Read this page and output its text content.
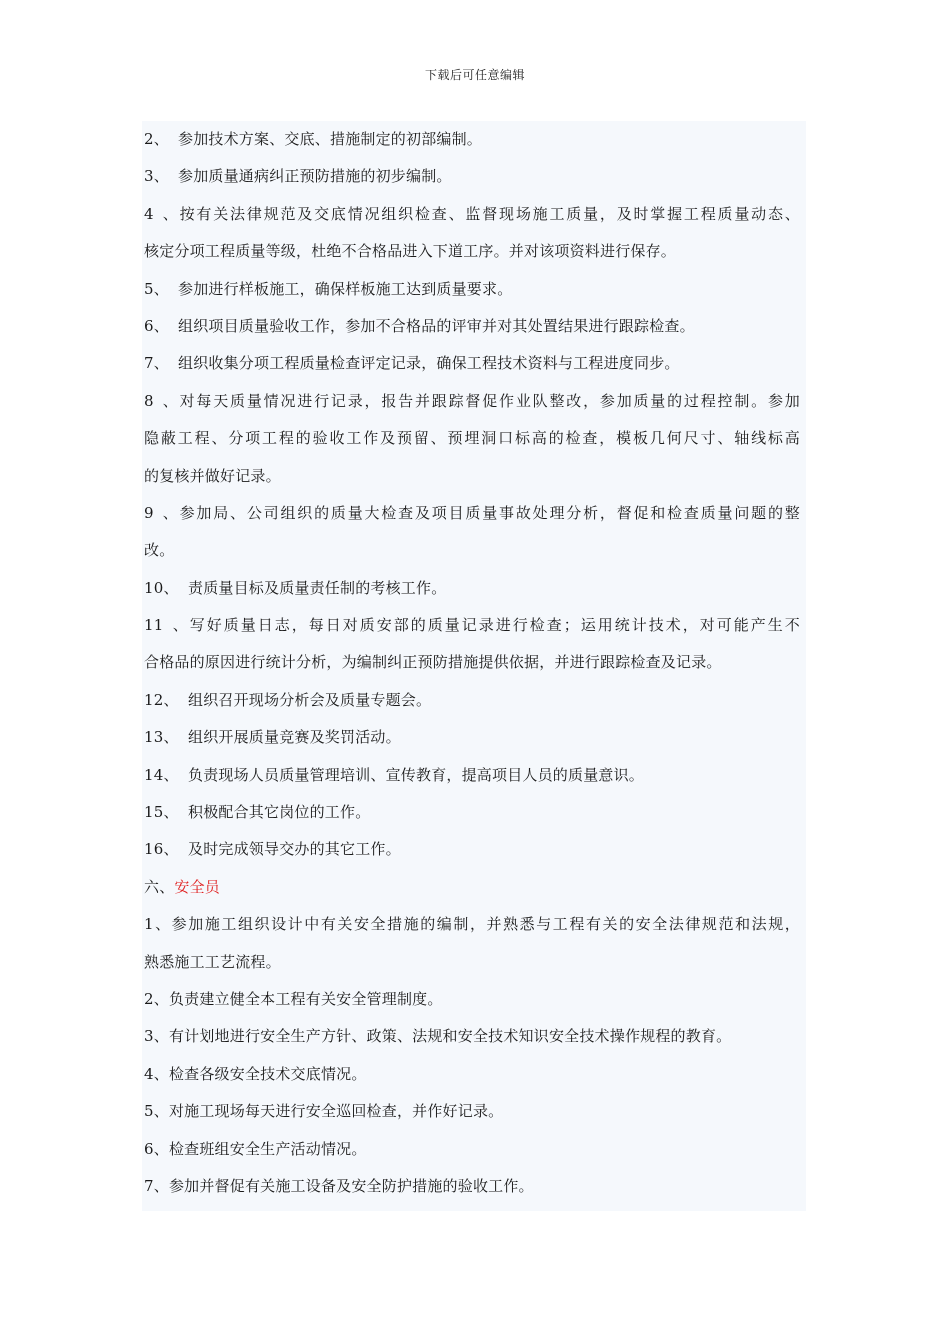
下载后可任意编辑
2、 参加技术方案、交底、措施制定的初部编制。
3、 参加质量通病纠正预防措施的初步编制。
4、按有关法律规范及交底情况组织检查、监督现场施工质量，及时掌握工程质量动态、
核定分项工程质量等级，杜绝不合格品进入下道工序。并对该项资料进行保存。
5、 参加进行样板施工，确保样板施工达到质量要求。
6、 组织项目质量验收工作，参加不合格品的评审并对其处置结果进行跟踪检查。
7、 组织收集分项工程质量检查评定记录，确保工程技术资料与工程进度同步。
8、对每天质量情况进行记录，报告并跟踪督促作业队整改，参加质量的过程控制。参加
隐蔽工程、分项工程的验收工作及预留、预埋洞口标高的检查，模板几何尺寸、轴线标高
的复核并做好记录。
9、参加局、公司组织的质量大检查及项目质量事故处理分析，督促和检查质量问题的整
改。
10、 责质量目标及质量责任制的考核工作。
11、写好质量日志，每日对质安部的质量记录进行检查；运用统计技术，对可能产生不
合格品的原因进行统计分析，为编制纠正预防措施提供依据，并进行跟踪检查及记录。
12、 组织召开现场分析会及质量专题会。
13、 组织开展质量竞赛及奖罚活动。
14、 负责现场人员质量管理培训、宣传教育，提高项目人员的质量意识。
15、 积极配合其它岗位的工作。
16、 及时完成领导交办的其它工作。
六、安全员
1、参加施工组织设计中有关安全措施的编制，并熟悉与工程有关的安全法律规范和法规，
熟悉施工工艺流程。
2、负责建立健全本工程有关安全管理制度。
3、有计划地进行安全生产方针、政策、法规和安全技术知识安全技术操作规程的教育。
4、检查各级安全技术交底情况。
5、对施工现场每天进行安全巡回检查，并作好记录。
6、检查班组安全生产活动情况。
7、参加并督促有关施工设备及安全防护措施的验收工作。
